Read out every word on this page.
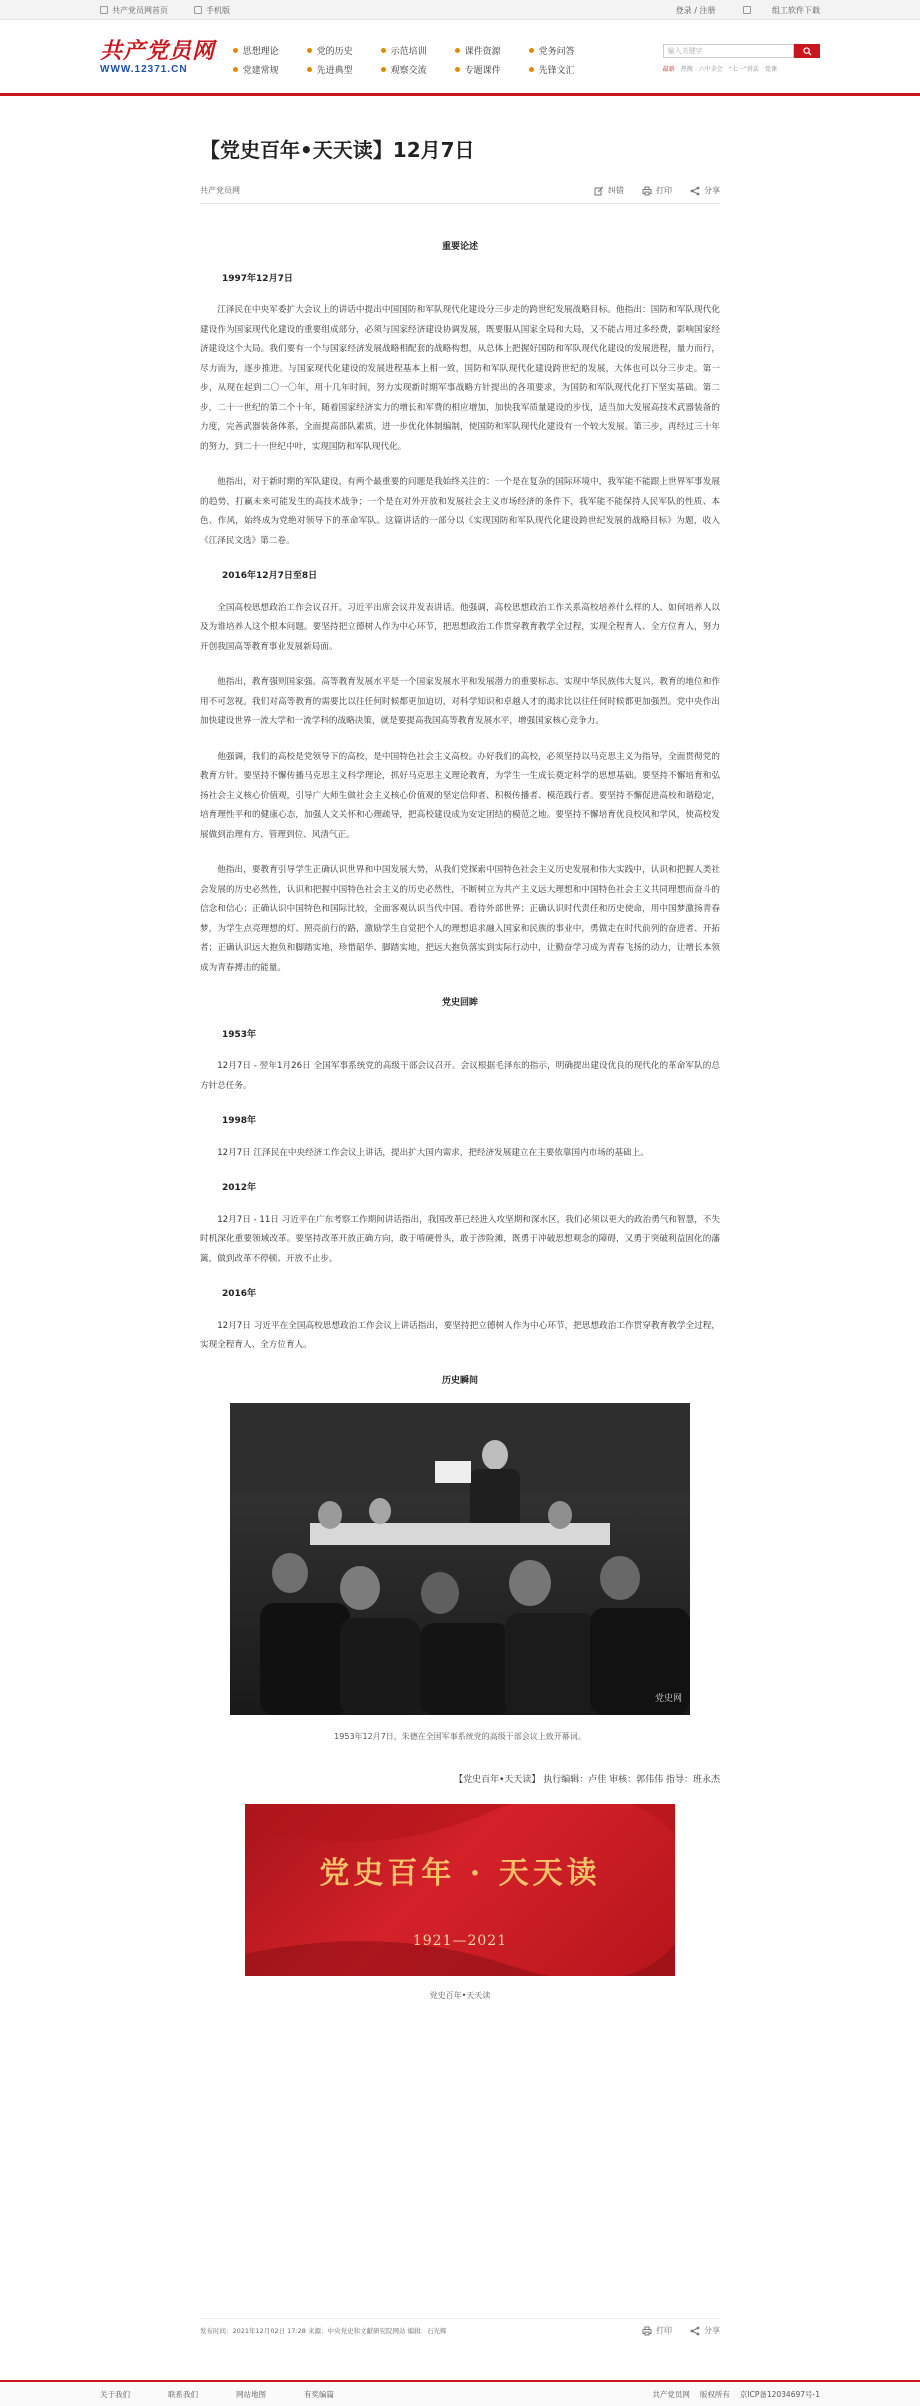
共产党员网首页	手机版	登录 / 注册	组工软件下载
共产党员网
WWW.12371.CN
思想理论	党的历史	示范培训	课件资源	党务问答
党建常规	先进典型	观察交流	专题课件	先锋文汇
输入关键字
最新 热搜 六中全会 “七一”讲话 党课
【党史百年•天天读】12月7日
共产党员网	纠错	打印	分享
重要论述
1997年12月7日

江泽民在中央军委扩大会议上的讲话中提出中国国防和军队现代化建设分三步走的跨世纪发展战略目标。他指出：国防和军队现代化建设作为国家现代化建设的重要组成部分，必须与国家经济建设协调发展，既要服从国家全局和大局，又不能占用过多经费，影响国家经济建设这个大局。我们要有一个与国家经济发展战略相配套的战略构想，从总体上把握好国防和军队现代化建设的发展进程，量力而行，尽力而为，逐步推进。与国家现代化建设的发展进程基本上相一致，国防和军队现代化建设跨世纪的发展，大体也可以分三步走。第一步，从现在起到二〇一〇年，用十几年时间，努力实现新时期军事战略方针提出的各项要求，为国防和军队现代化打下坚实基础。第二步，二十一世纪的第二个十年，随着国家经济实力的增长和军费的相应增加，加快我军质量建设的步伐，适当加大发展高技术武器装备的力度，完善武器装备体系，全面提高部队素质，进一步优化体制编制，使国防和军队现代化建设有一个较大发展。第三步，再经过三十年的努力，到二十一世纪中叶，实现国防和军队现代化。

他指出，对于新时期的军队建设，有两个最重要的问题是我始终关注的：一个是在复杂的国际环境中，我军能不能跟上世界军事发展的趋势，打赢未来可能发生的高技术战争；一个是在对外开放和发展社会主义市场经济的条件下，我军能不能保持人民军队的性质、本色、作风，始终成为党绝对领导下的革命军队。这篇讲话的一部分以《实现国防和军队现代化建设跨世纪发展的战略目标》为题，收入《江泽民文选》第二卷。

2016年12月7日至8日

全国高校思想政治工作会议召开。习近平出席会议并发表讲话。他强调，高校思想政治工作关系高校培养什么样的人、如何培养人以及为谁培养人这个根本问题。要坚持把立德树人作为中心环节，把思想政治工作贯穿教育教学全过程，实现全程育人、全方位育人，努力开创我国高等教育事业发展新局面。

他指出，教育强则国家强。高等教育发展水平是一个国家发展水平和发展潜力的重要标志。实现中华民族伟大复兴，教育的地位和作用不可忽视。我们对高等教育的需要比以往任何时候都更加迫切，对科学知识和卓越人才的渴求比以往任何时候都更加强烈。党中央作出加快建设世界一流大学和一流学科的战略决策，就是要提高我国高等教育发展水平，增强国家核心竞争力。

他强调，我们的高校是党领导下的高校，是中国特色社会主义高校。办好我们的高校，必须坚持以马克思主义为指导，全面贯彻党的教育方针。要坚持不懈传播马克思主义科学理论，抓好马克思主义理论教育，为学生一生成长奠定科学的思想基础。要坚持不懈培育和弘扬社会主义核心价值观，引导广大师生做社会主义核心价值观的坚定信仰者、积极传播者、模范践行者。要坚持不懈促进高校和谐稳定，培育理性平和的健康心态，加强人文关怀和心理疏导，把高校建设成为安定团结的模范之地。要坚持不懈培育优良校风和学风，使高校发展做到治理有方、管理到位、风清气正。

他指出，要教育引导学生正确认识世界和中国发展大势，从我们党探索中国特色社会主义历史发展和伟大实践中，认识和把握人类社会发展的历史必然性，认识和把握中国特色社会主义的历史必然性，不断树立为共产主义远大理想和中国特色社会主义共同理想而奋斗的信念和信心；正确认识中国特色和国际比较，全面客观认识当代中国、看待外部世界；正确认识时代责任和历史使命，用中国梦激扬青春梦，为学生点亮理想的灯、照亮前行的路，激励学生自觉把个人的理想追求融入国家和民族的事业中，勇做走在时代前列的奋进者、开拓者；正确认识远大抱负和脚踏实地，珍惜韶华、脚踏实地，把远大抱负落实到实际行动中，让勤奋学习成为青春飞扬的动力，让增长本领成为青春搏击的能量。

党史回眸
1953年

12月7日 - 翌年1月26日 全国军事系统党的高级干部会议召开。会议根据毛泽东的指示，明确提出建设优良的现代化的革命军队的总方针总任务。

1998年

12月7日 江泽民在中央经济工作会议上讲话，提出扩大国内需求，把经济发展建立在主要依靠国内市场的基础上。

2012年

12月7日 - 11日 习近平在广东考察工作期间讲话指出，我国改革已经进入攻坚期和深水区，我们必须以更大的政治勇气和智慧，不失时机深化重要领域改革。要坚持改革开放正确方向，敢于啃硬骨头，敢于涉险滩，既勇于冲破思想观念的障碍，又勇于突破利益固化的藩篱，做到改革不停顿、开放不止步。

2016年

12月7日 习近平在全国高校思想政治工作会议上讲话指出，要坚持把立德树人作为中心环节，把思想政治工作贯穿教育教学全过程，实现全程育人、全方位育人。

历史瞬间
党史网
1953年12月7日，朱德在全国军事系统党的高级干部会议上致开幕词。
【党史百年•天天读】 执行编辑：卢佳 审核：郭伟伟 指导：班永杰
党史百年 · 天天读
1921—2021
党史百年•天天读
发布时间：2021年12月02日 17:28 来源：中央党史和文献研究院网站 编辑：石光辉	打印	分享
关于我们	联系我们	网站地图	有奖编篇	共产党员网 版权所有 京ICP备12034697号-1
